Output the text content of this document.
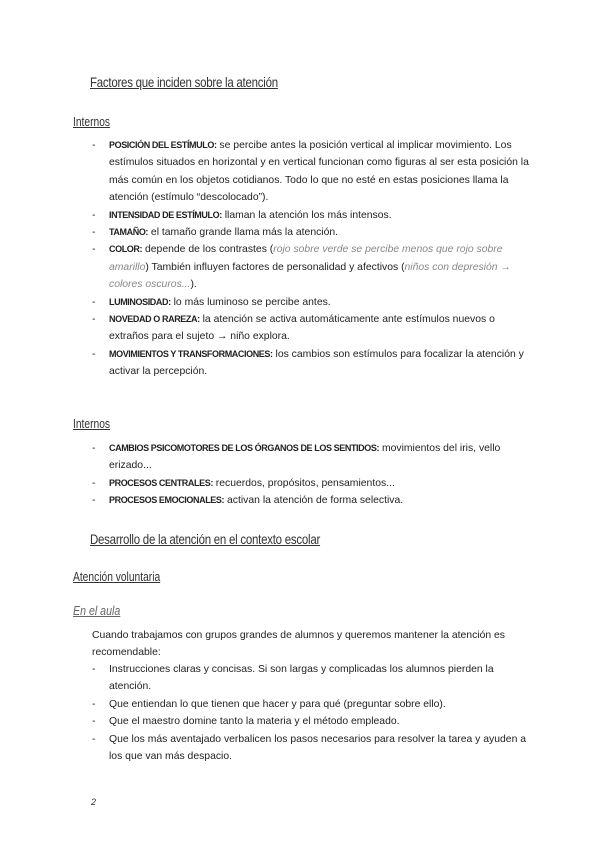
Factores que inciden sobre la atención
Internos
- POSICIÓN DEL ESTÍMULO: se percibe antes la posición vertical al implicar movimiento. Los estímulos situados en horizontal y en vertical funcionan como figuras al ser esta posición la más común en los objetos cotidianos. Todo lo que no esté en estas posiciones llama la atención (estímulo “descolocado”).
- INTENSIDAD DE ESTÍMULO: llaman la atención los más intensos.
- TAMAÑO: el tamaño grande llama más la atención.
- COLOR: depende de los contrastes (rojo sobre verde se percibe menos que rojo sobre amarillo) También influyen factores de personalidad y afectivos (niños con depresión → colores oscuros...).
- LUMINOSIDAD: lo más luminoso se percibe antes.
- NOVEDAD O RAREZA: la atención se activa automáticamente ante estímulos nuevos o extraños para el sujeto → niño explora.
- MOVIMIENTOS Y TRANSFORMACIONES: los cambios son estímulos para focalizar la atención y activar la percepción.
Internos
- CAMBIOS PSICOMOTORES DE LOS ÓRGANOS DE LOS SENTIDOS: movimientos del iris, vello erizado...
- PROCESOS CENTRALES: recuerdos, propósitos, pensamientos...
- PROCESOS EMOCIONALES: activan la atención de forma selectiva.
Desarrollo de la atención en el contexto escolar
Atención voluntaria
En el aula
Cuando trabajamos con grupos grandes de alumnos y queremos mantener la atención es recomendable:
- Instrucciones claras y concisas. Si son largas y complicadas los alumnos pierden la atención.
- Que entiendan lo que tienen que hacer y para qué (preguntar sobre ello).
- Que el maestro domine tanto la materia y el método empleado.
- Que los más aventajado verbalicen los pasos necesarios para resolver la tarea y ayuden a los que van más despacio.
2
